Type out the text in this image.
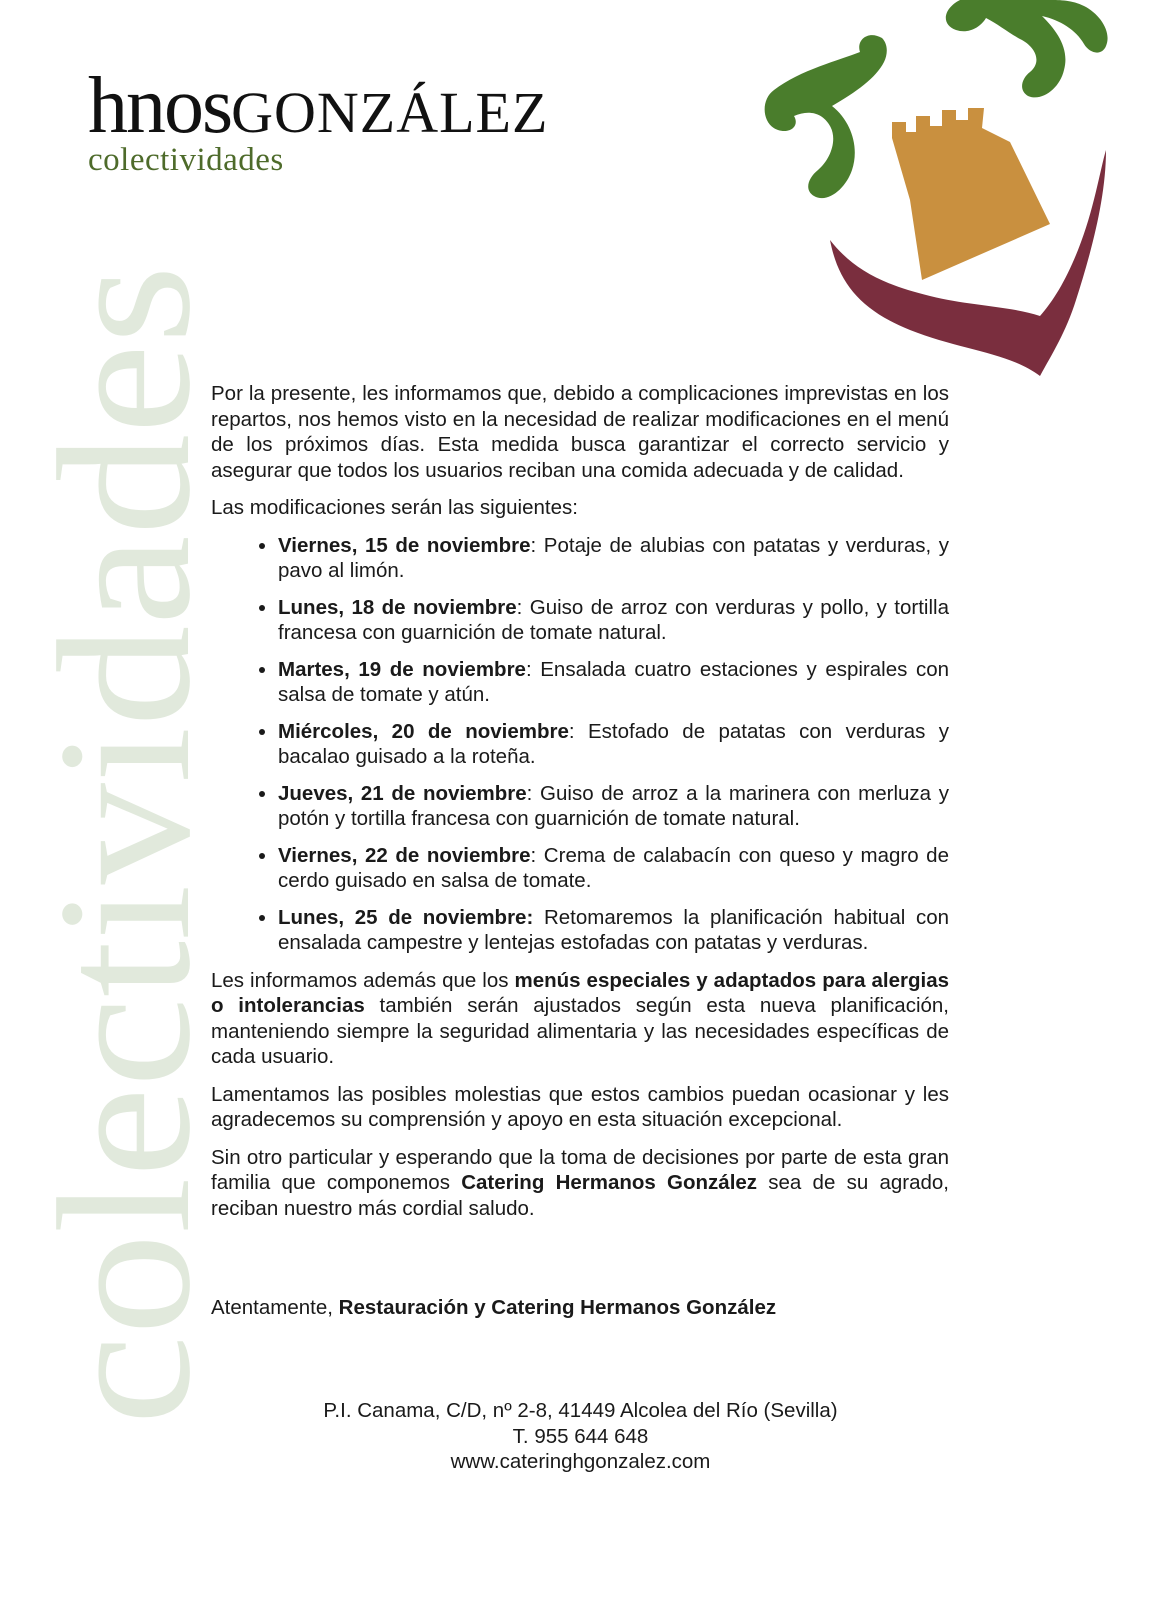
hnosGONZÁLEZ
colectividades
colectividades

Por la presente, les informamos que, debido a complicaciones imprevistas en los repartos, nos hemos visto en la necesidad de realizar modificaciones en el menú de los próximos días. Esta medida busca garantizar el correcto servicio y asegurar que todos los usuarios reciban una comida adecuada y de calidad.

Las modificaciones serán las siguientes:

• Viernes, 15 de noviembre: Potaje de alubias con patatas y verduras, y pavo al limón.
• Lunes, 18 de noviembre: Guiso de arroz con verduras y pollo, y tortilla francesa con guarnición de tomate natural.
• Martes, 19 de noviembre: Ensalada cuatro estaciones y espirales con salsa de tomate y atún.
• Miércoles, 20 de noviembre: Estofado de patatas con verduras y bacalao guisado a la roteña.
• Jueves, 21 de noviembre: Guiso de arroz a la marinera con merluza y potón y tortilla francesa con guarnición de tomate natural.
• Viernes, 22 de noviembre: Crema de calabacín con queso y magro de cerdo guisado en salsa de tomate.
• Lunes, 25 de noviembre: Retomaremos la planificación habitual con ensalada campestre y lentejas estofadas con patatas y verduras.

Les informamos además que los menús especiales y adaptados para alergias o intolerancias también serán ajustados según esta nueva planificación, manteniendo siempre la seguridad alimentaria y las necesidades específicas de cada usuario.

Lamentamos las posibles molestias que estos cambios puedan ocasionar y les agradecemos su comprensión y apoyo en esta situación excepcional.

Sin otro particular y esperando que la toma de decisiones por parte de esta gran familia que componemos Catering Hermanos González sea de su agrado, reciban nuestro más cordial saludo.

Atentamente, Restauración y Catering Hermanos González
P.I. Canama, C/D, nº 2-8, 41449 Alcolea del Río (Sevilla)
T. 955 644 648
www.cateringhgonzalez.com
